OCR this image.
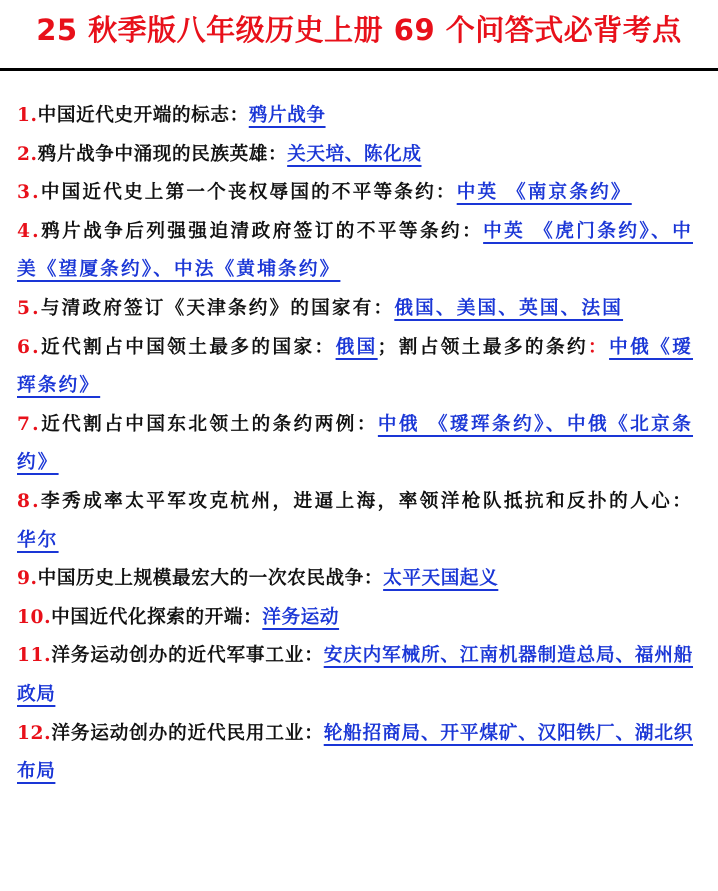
25 秋季版八年级历史上册 69 个问答式必背考点
1.中国近代史开端的标志：鸦片战争
2.鸦片战争中涌现的民族英雄：关天培、陈化成
3.中国近代史上第一个丧权辱国的不平等条约：中英 《南京条约》
4.鸦片战争后列强强迫清政府签订的不平等条约：中英 《虎门条约》、中美《望厦条约》、中法《黄埔条约》
5.与清政府签订《天津条约》的国家有：俄国、美国、英国、法国
6.近代割占中国领土最多的国家：俄国；割占领土最多的条约：中俄《瑷珲条约》
7.近代割占中国东北领土的条约两例：中俄 《瑷珲条约》、中俄《北京条约》
8.李秀成率太平军攻克杭州，进逼上海，率领洋枪队抵抗和反扑的人心：华尔
9.中国历史上规模最宏大的一次农民战争：太平天国起义
10.中国近代化探索的开端：洋务运动
11.洋务运动创办的近代军事工业：安庆内军械所、江南机器制造总局、福州船政局
12.洋务运动创办的近代民用工业：轮船招商局、开平煤矿、汉阳铁厂、湖北织布局
